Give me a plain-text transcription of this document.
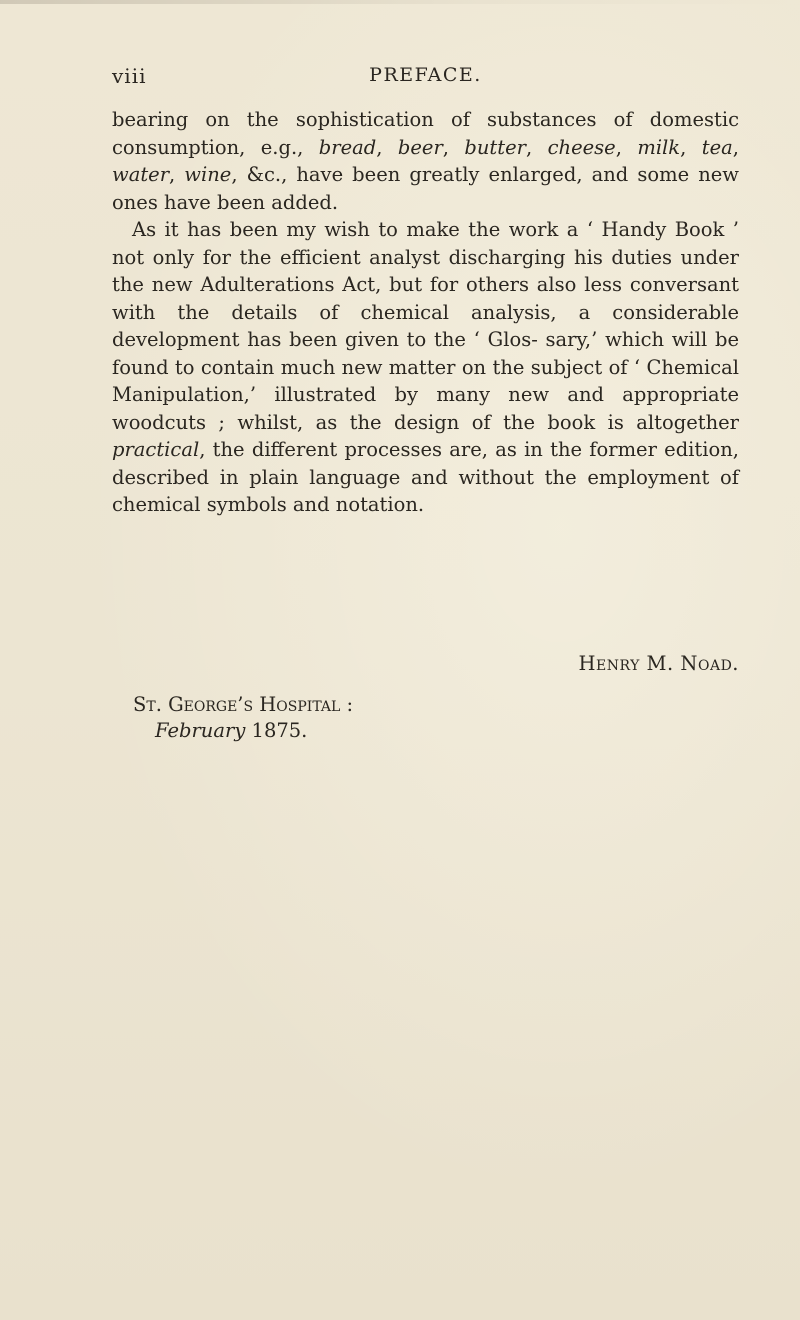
viii	PREFACE.

bearing on the sophistication of substances of domestic consumption, e.g., bread, beer, butter, cheese, milk, tea, water, wine, &c., have been greatly enlarged, and some new ones have been added.

As it has been my wish to make the work a ‘ Handy Book ’ not only for the efficient analyst discharging his duties under the new Adulterations Act, but for others also less conversant with the details of chemical analysis, a considerable development has been given to the ‘ Glos- sary,’ which will be found to contain much new matter on the subject of ‘ Chemical Manipulation,’ illustrated by many new and appropriate woodcuts ; whilst, as the design of the book is altogether practical, the different processes are, as in the former edition, described in plain language and without the employment of chemical symbols and notation.

Henry M. Noad.
St. George’s Hospital :
February 1875.
